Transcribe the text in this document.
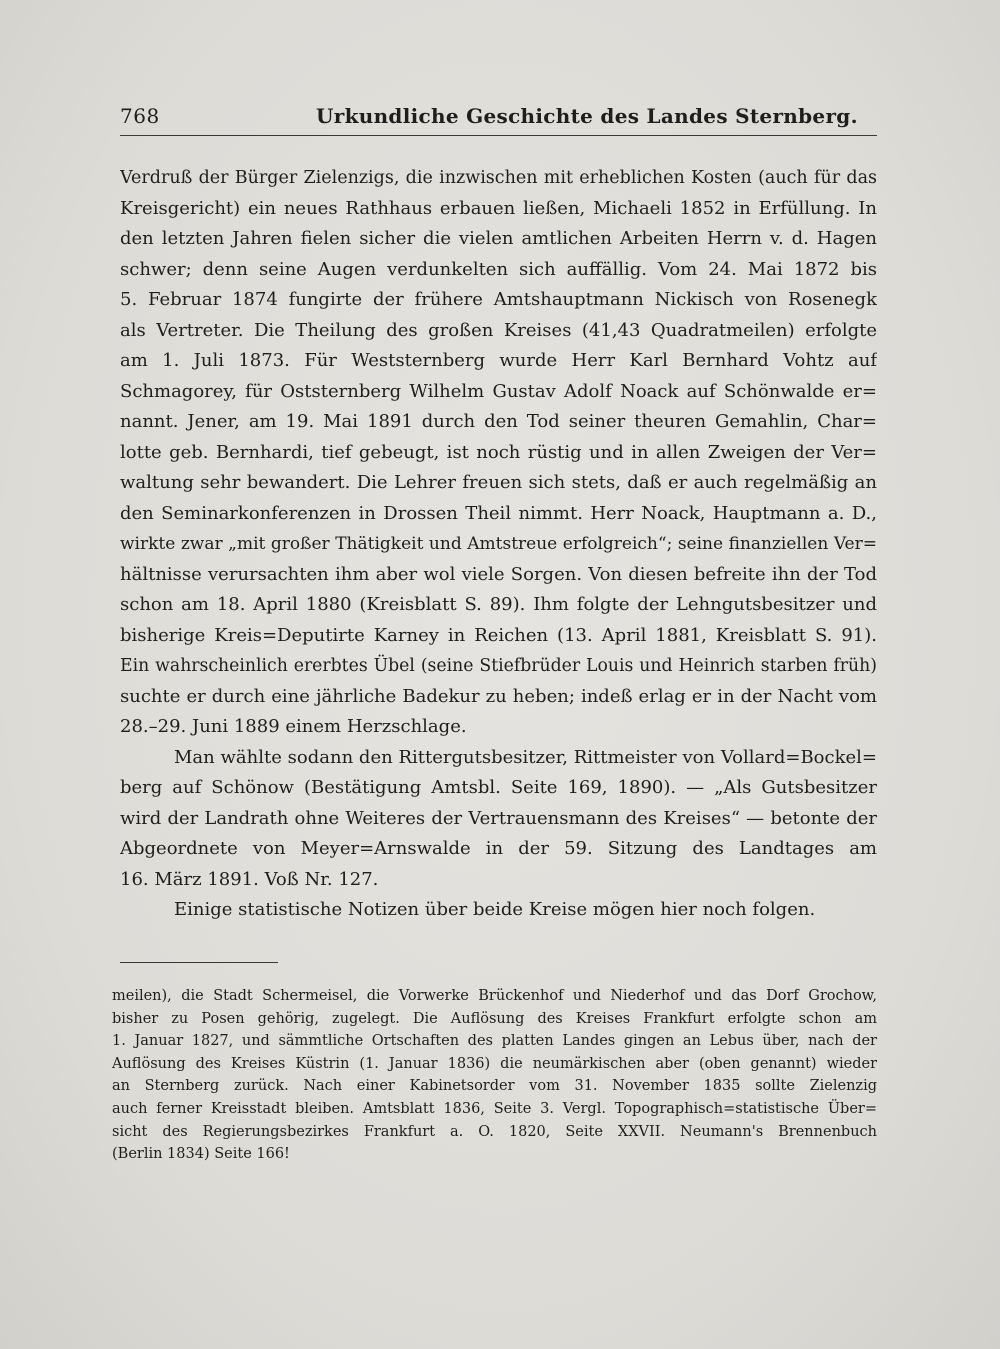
768	Urkundliche Geschichte des Landes Sternberg.
Verdruß der Bürger Zielenzigs, die inzwischen mit erheblichen Kosten (auch für das
Kreisgericht) ein neues Rathhaus erbauen ließen, Michaeli 1852 in Erfüllung. In
den letzten Jahren fielen sicher die vielen amtlichen Arbeiten Herrn v. d. Hagen
schwer; denn seine Augen verdunkelten sich auffällig. Vom 24. Mai 1872 bis
5. Februar 1874 fungirte der frühere Amtshauptmann Nickisch von Rosenegk
als Vertreter. Die Theilung des großen Kreises (41,43 Quadratmeilen) erfolgte
am 1. Juli 1873. Für Weststernberg wurde Herr Karl Bernhard Vohtz auf
Schmagorey, für Oststernberg Wilhelm Gustav Adolf Noack auf Schönwalde er=
nannt. Jener, am 19. Mai 1891 durch den Tod seiner theuren Gemahlin, Char=
lotte geb. Bernhardi, tief gebeugt, ist noch rüstig und in allen Zweigen der Ver=
waltung sehr bewandert. Die Lehrer freuen sich stets, daß er auch regelmäßig an
den Seminarkonferenzen in Drossen Theil nimmt. Herr Noack, Hauptmann a. D.,
wirkte zwar „mit großer Thätigkeit und Amtstreue erfolgreich“; seine finanziellen Ver=
hältnisse verursachten ihm aber wol viele Sorgen. Von diesen befreite ihn der Tod
schon am 18. April 1880 (Kreisblatt S. 89). Ihm folgte der Lehngutsbesitzer und
bisherige Kreis=Deputirte Karney in Reichen (13. April 1881, Kreisblatt S. 91).
Ein wahrscheinlich ererbtes Übel (seine Stiefbrüder Louis und Heinrich starben früh)
suchte er durch eine jährliche Badekur zu heben; indeß erlag er in der Nacht vom
28.–29. Juni 1889 einem Herzschlage.
Man wählte sodann den Rittergutsbesitzer, Rittmeister von Vollard=Bockel=
berg auf Schönow (Bestätigung Amtsbl. Seite 169, 1890). — „Als Gutsbesitzer
wird der Landrath ohne Weiteres der Vertrauensmann des Kreises“ — betonte der
Abgeordnete von Meyer=Arnswalde in der 59. Sitzung des Landtages am
16. März 1891. Voß Nr. 127.
Einige statistische Notizen über beide Kreise mögen hier noch folgen.
meilen), die Stadt Schermeisel, die Vorwerke Brückenhof und Niederhof und das Dorf Grochow,
bisher zu Posen gehörig, zugelegt. Die Auflösung des Kreises Frankfurt erfolgte schon am
1. Januar 1827, und sämmtliche Ortschaften des platten Landes gingen an Lebus über, nach der
Auflösung des Kreises Küstrin (1. Januar 1836) die neumärkischen aber (oben genannt) wieder
an Sternberg zurück. Nach einer Kabinetsorder vom 31. November 1835 sollte Zielenzig
auch ferner Kreisstadt bleiben. Amtsblatt 1836, Seite 3. Vergl. Topographisch=statistische Über=
sicht des Regierungsbezirkes Frankfurt a. O. 1820, Seite XXVII. Neumann's Brennenbuch
(Berlin 1834) Seite 166!
